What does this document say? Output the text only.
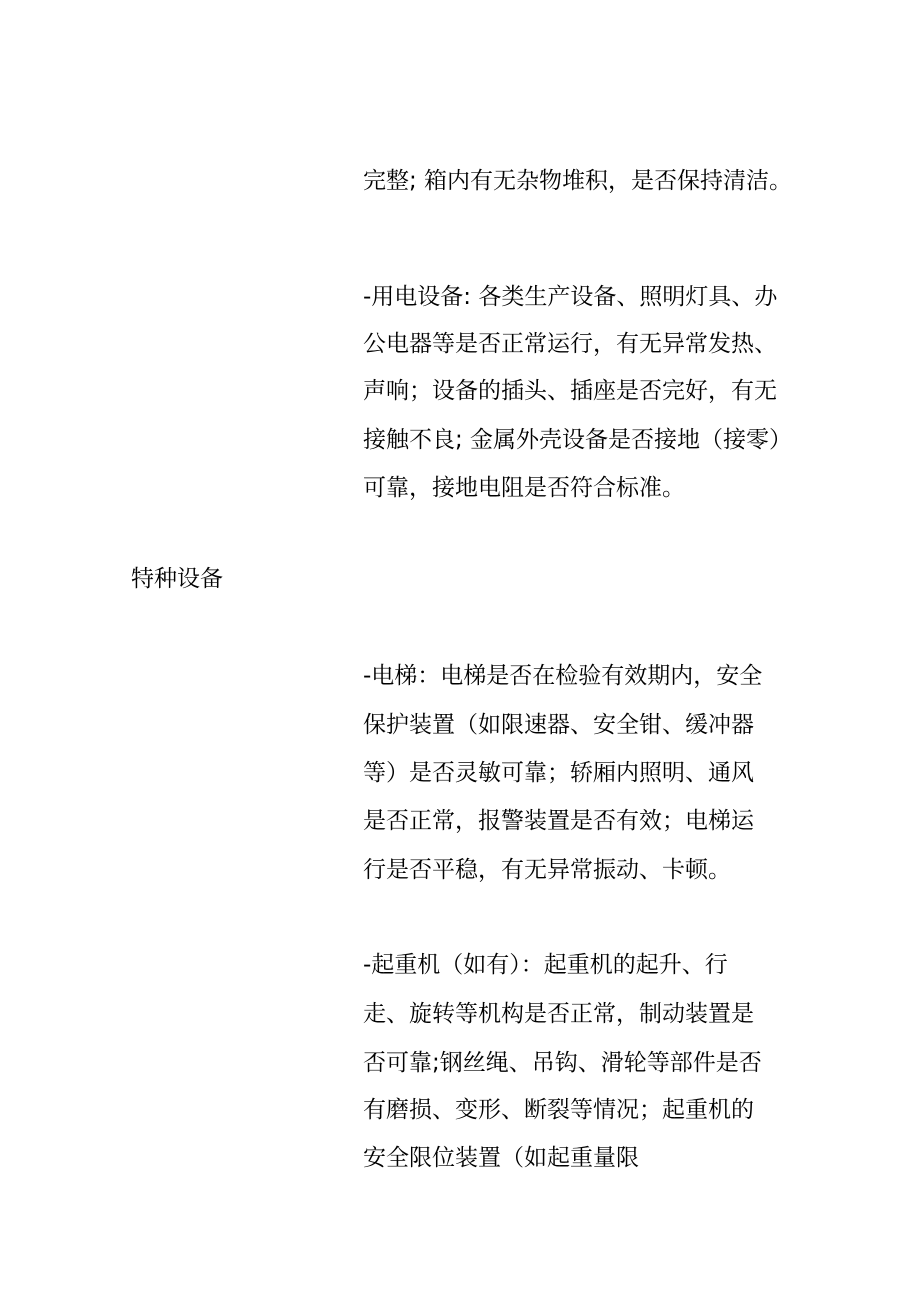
完整; 箱内有无杂物堆积，是否保持清洁。
-用电设备: 各类生产设备、照明灯具、办
公电器等是否正常运行，有无异常发热、
声响；设备的插头、插座是否完好，有无
接触不良; 金属外壳设备是否接地（接零）
可靠，接地电阻是否符合标准。
特种设备
-电梯：电梯是否在检验有效期内，安全
保护装置（如限速器、安全钳、缓冲器
等）是否灵敏可靠；轿厢内照明、通风
是否正常，报警装置是否有效；电梯运
行是否平稳，有无异常振动、卡顿。
-起重机（如有）：起重机的起升、行
走、旋转等机构是否正常，制动装置是
否可靠;钢丝绳、吊钩、滑轮等部件是否
有磨损、变形、断裂等情况；起重机的
安全限位装置（如起重量限
